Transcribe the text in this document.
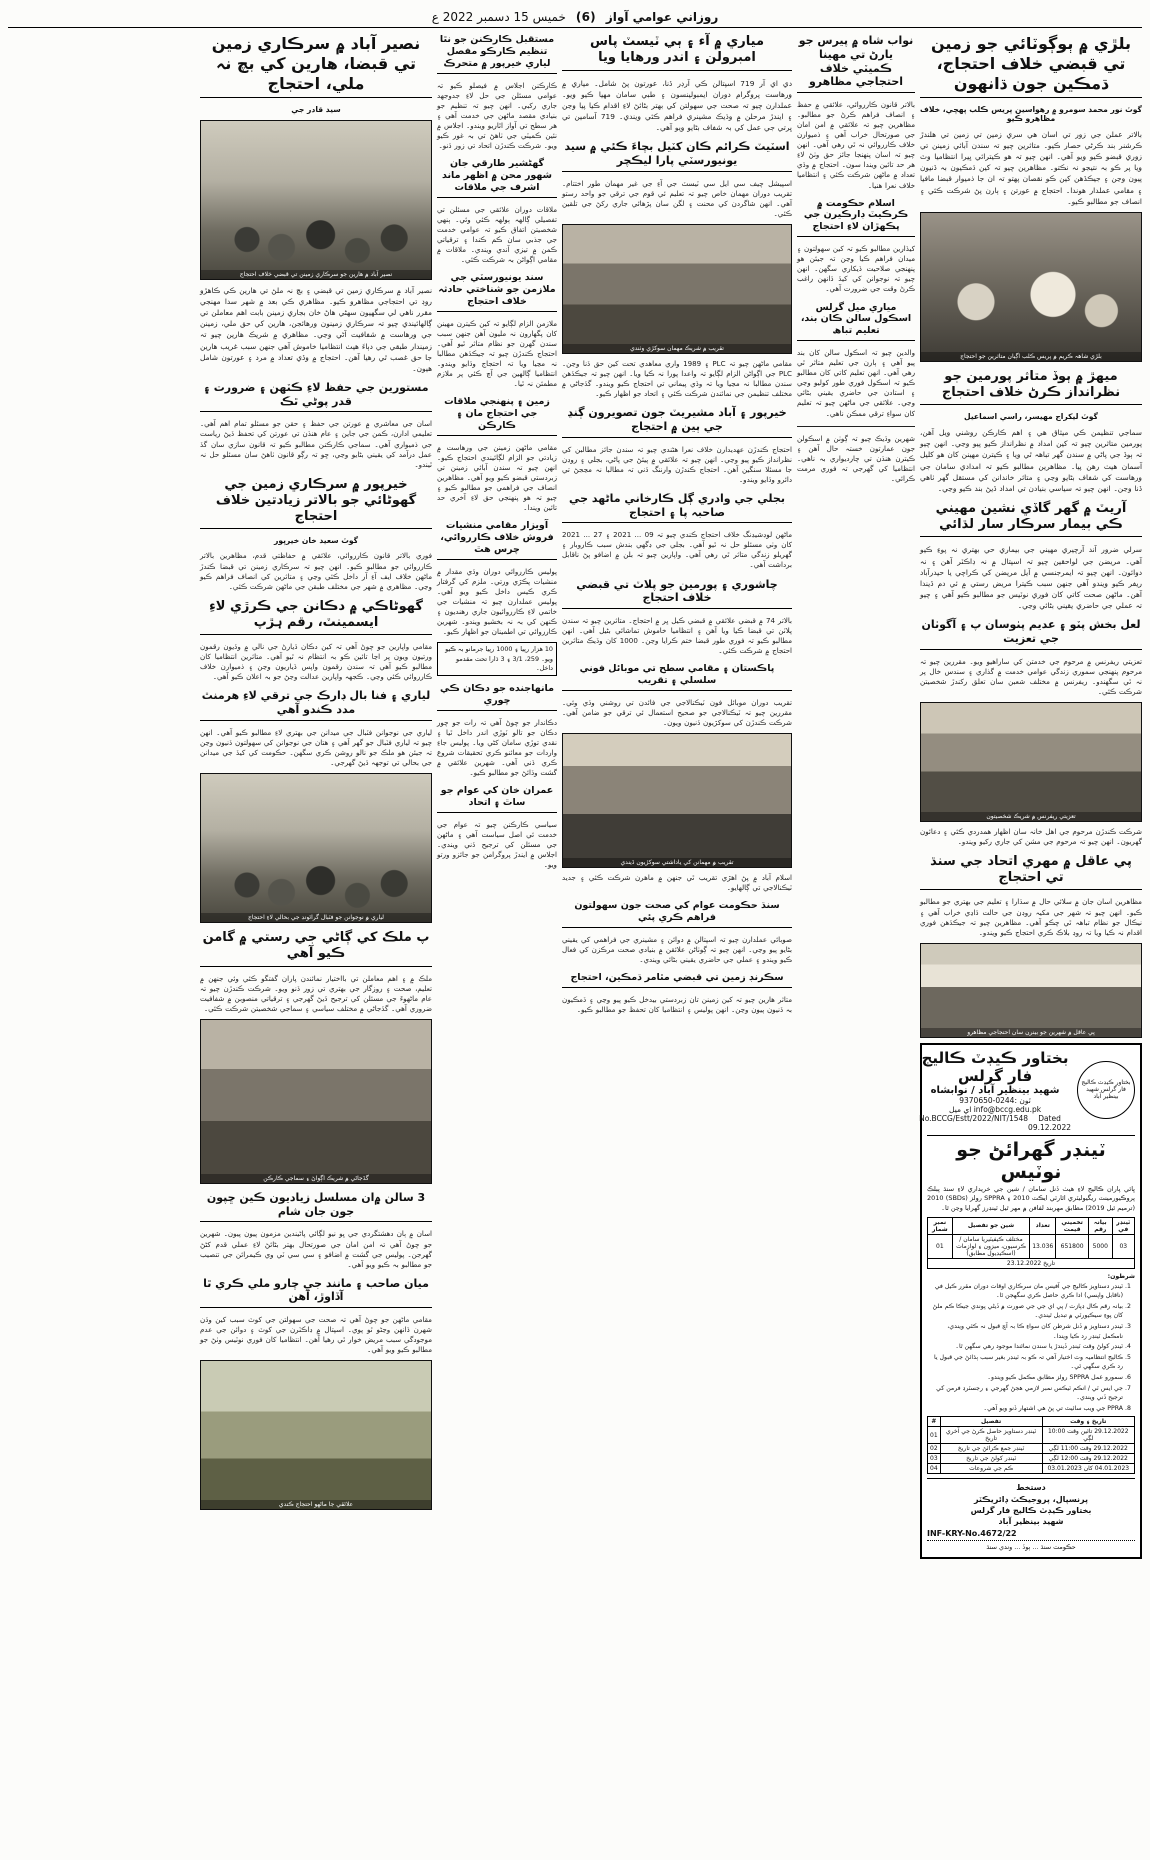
روزاني عوامي آواز
(6)
خميس 15 دسمبر 2022 ع
بلڙي ۾ ٻوڳوٽائي جو زمين تي قبضي خلاف احتجاج، ڌمڪين جون ڌانهون
گوٽ نور محمد سومرو ۾ رهواسين پريس ڪلب پهچي، خلاف مظاهرو ڪيو
بالاتر عملن جي زور تي اسان هي سري زمين تي زمين تي هلندڙ ڪرشنر بند ڪرڻي حصار ڪيو۔ متاثرين چيو تہ سندن آبائي زمينن تي زوري قبضو ڪيو ويو آهي۔ انهن چيو تہ هو ڪيترائي ڀيرا انتظاميا وٽ ويا پر ڪو بہ نتيجو نہ نڪتو۔ مظاهرين چيو تہ کين ڌمڪيون بہ ڏنيون پيون وڃن ۽ جيڪڏهن کين ڪو نقصان پهتو تہ ان جا ذميوار قبضا مافيا ۽ مقامي عملدار هوندا۔ احتجاج ۾ عورتن ۽ ٻارن پڻ شرڪت ڪئي ۽ انصاف جو مطالبو ڪيو۔
بلڙي شاهہ ڪريم ۾ پريس ڪلب اڳيان متاثرين جو احتجاج
ميهڙ ۾ ٻوڏ متاثر پورمين جو نظرانداز ڪرڻ خلاف احتجاج
گوٽ ليکراج مهيسر، راسي اسماعيل
سماجي تنظيمن ڪي ميثاق ھي ۽ اهم ڪارڪن روشني ويل آهن، پورمين متاثرين چيو تہ کين امداد ۾ نظرانداز ڪيو پيو وڃي۔ انهن چيو تہ ٻوڏ جي پاڻي ۾ سندن گهر تباهہ ٿي ويا ۽ ڪيترن مهينن کان هو کليل آسمان هيٺ رهن پيا۔ مظاهرين مطالبو ڪيو تہ امدادي سامان جي ورهاست کي شفاف بڻايو وڃي ۽ متاثر خاندانن کي مستقل گهر ٺاهي ڏنا وڃن۔ انهن چيو تہ سياسي بنيادن تي امداد ڏيڻ بند ڪيو وڃي۔
آريٽ ۾ گهر گاڏي نشين مهيني ڪي بيمار سرڪار سار لڌائي
سرلي ضرور آند آرچيري مهيني جي بيماري حي بهتري نہ پوءِ ڪيو آهي۔ مريضن جي لواحقين چيو تہ اسپتال ۾ نہ ڊاڪٽر آهن ۽ نہ دوائون۔ انهن چيو تہ ايمرجنسي ۾ آيل مريضن کي ڪراچي يا حيدرآباد ريفر ڪيو ويندو آهي جنهن سبب ڪيترا مريض رستي ۾ ئي دم ڏيندا آهن۔ ماڻهن صحت کاتي کان فوري نوٽيس جو مطالبو ڪيو آهي ۽ چيو تہ عملي جي حاضري يقيني بڻائي وڃي۔
لعل بخش پٽو ۽ عديم پٺوسان پ ۽ آگوٺان جي تعزيت
تعزيتي ريفرنس ۾ مرحوم جي خدمتن کي ساراهيو ويو۔ مقررين چيو تہ مرحوم پنهنجي سموري زندگي عوامي خدمت ۾ گذاري ۽ سندس خال پر نہ ٿي سگهندو۔ ريفرنس ۾ مختلف شعبن سان تعلق رکندڙ شخصيتن شرڪت ڪئي۔
تعزيتي ريفرنس ۾ شريڪ شخصيتون
شرڪت ڪندڙن مرحوم جي اهل خانہ سان اظهار همدردي ڪئي ۽ دعائون گهريون۔ انهن چيو تہ مرحوم جي مشن کي جاري رکيو ويندو۔
پي عاقل ۾ مهري اتحاد جي سنڌ تي احتجاج
مظاهرين اسان جان ۾ سلائي حال ۾ سڌارا ۽ تعليم جي بهتري جو مطالبو ڪيو۔ انهن چيو تہ شهر جي مکيہ روڊن جي حالت ڏاڍي خراب آهي ۽ نيڪال جو نظام تباهہ ٿي چڪو آهي۔ مظاهرين چيو تہ جيڪڏهن فوري اقدام نہ ڪيا ويا تہ روڊ بلاڪ ڪري احتجاج ڪيو ويندو۔
پي عاقل ۾ شهرين جو بينرن سان احتجاجي مظاهرو
بختاور ڪيڊٽ ڪاليج فار گرلس شهيد بينظير آباد
بختاور ڪيڊٽ ڪاليج فار گرلس
شهيد بينظير آباد / نوابشاه
ٽون :0244-9370650
info@bccg.edu.pk اي ميل
Dated 09.12.2022
No.BCCG/Estt/2022/NIT/1548
ٽينڊر گهرائڻ جو نوٽيس
ڀائي پاران ڪاليج لاءِ هيٺ ڏنل سامان / شين جي خريداري لاءِ سنڌ پبلڪ پروڪيورمينٽ ريگيوليٽري اٿارٽي ايڪٽ 2010 ۽ SPPRA رولز (SBDs) 2010 (ترميم ٿيل 2019) مطابق مهربند لفافن ۾ مهر ٿيل ٽينڊرز گهرايا وڃن ٿا۔
ٽينڊر في	بيانہ رقم	تخميني قيمت	تعداد	شين جو تفصيل	نمبر شمار
03	5000	651800	13.036	مختلف ڪيفيٽيريا سامان / ڪرسيون، ميزون ۽ لوازمات (اسڪيڊيول مطابق)	01
تاريخ 23.12.2022					
شرطون:
1. ٽينڊر دستاويز ڪاليج جي آفيس مان سرڪاري اوقات دوران مقرر ڪيل في (ناقابل واپسي) ادا ڪري حاصل ڪري سگهجن ٿا۔
2. بيانہ رقم ڪال ڊپازٽ / پي اي جي جي صورت ۾ ڏيڻي پوندي جيڪا ڪم ملڻ کان پوءِ سيڪيورٽي ۾ تبديل ٿيندي۔
3. ٽينڊر دستاويز ۾ ڏنل شرطن کان سواءِ ڪا بہ آڇ قبول نہ ڪئي ويندي، نامڪمل ٽينڊر رد ڪيا ويندا۔
4. ٽينڊر کولڻ وقت ٽينڊر ڏيندڙ يا سندن نمائندا موجود رهي سگهن ٿا۔
5. ڪاليج انتظاميہ وٽ اختيار آهي تہ ڪو بہ ٽينڊر بغير سبب ٻڌائڻ جي قبول يا رد ڪري سگهي ٿي۔
6. سمورو عمل SPPRA رولز مطابق مڪمل ڪيو ويندو۔
7. جي ايس ٽي / انڪم ٽيڪس نمبر لازمي هجڻ گهرجي ۽ رجسٽرڊ فرمن کي ترجيح ڏني ويندي۔
8. PPRA جي ويب سائيٽ تي پڻ هي اشتهار ڏنو ويو آهي۔
تاريخ ۽ وقت	تفصيل	#
29.12.2022 تائين وقت 10:00 لڳي	ٽينڊر دستاويز حاصل ڪرڻ جي آخري تاريخ	01
29.12.2022 وقت 11:00 لڳي	ٽينڊر جمع ڪرائڻ جي تاريخ	02
29.12.2022 وقت 12:00 لڳي	ٽينڊر کولڻ جي تاريخ	03
04.01.2023 کان 03.01.2023	ڪم جي شروعات	04
دستخط
پرنسپال، پروجيڪٽ ڊائريڪٽر
بختاور ڪيڊٽ ڪاليج فار گرلس
شهيد بينظير آباد
INF-KRY-No.4672/22
حڪومت سنڌ ... ٻوڏ ... وندي سنڌ
نواب شاه ۾ پيرس جو يارڻ تي مهينا ڪميٽي خلاف احتجاجي مظاهرو
بالاتر قانون ڪارروائي، علائقي ۾ حفظ ۽ انصاف فراهم ڪرڻ جو مطالبو۔ مظاهرين چيو تہ علائقي ۾ امن امان جي صورتحال خراب آهي ۽ ذميوارن خلاف ڪارروائي نہ ٿي رهي آهي۔ انهن چيو تہ اسان پنهنجا جائز حق وٺڻ لاءِ هر حد تائين ويندا سون۔ احتجاج ۾ وڏي تعداد ۾ ماڻهن شرڪت ڪئي ۽ انتظاميا خلاف نعرا هنيا۔
اسلام حڪومت ۾ ڪرڪيٽ ڊارڪيرن جي پڪهڙان لاءِ احتجاج
کيڏارين مطالبو ڪيو تہ کين سهولتون ۽ ميدان فراهم ڪيا وڃن تہ جيئن هو پنهنجي صلاحيت ڏيکاري سگهن۔ انهن چيو تہ نوجوانن کي کيڏ ڏانهن راغب ڪرڻ وقت جي ضرورت آهي۔
مياري ميل گرلس اسڪول سالن ڪان بند، تعليم تباھ
والدين چيو تہ اسڪول سالن کان بند پيو آهي ۽ ٻارن جي تعليم متاثر ٿي رهي آهي۔ انهن تعليم کاتي کان مطالبو ڪيو تہ اسڪول فوري طور کوليو وڃي ۽ استادن جي حاضري يقيني بڻائي وڃي۔ علائقي جي ماڻهن چيو تہ تعليم کان سواءِ ترقي ممڪن ناهي۔
شهرين وڌيڪ چيو تہ ڳوٺن ۾ اسڪولن جون عمارتون خستہ حال آهن ۽ ڪيترن هنڌن تي چارديواري بہ ناهي۔ انتظاميا کي گهرجي تہ فوري مرمت ڪرائي۔
مياري ۾ آء ۽ ٻي ٽيسٽ پاس امبرولن ۽ اندر ورهايا ويا
دي اي آر 719 اسپتالن ڪي آرڊر ڏنا، عورتون پڻ شامل۔ مياري ۾ ورهاست پروگرام دوران ايمبولينسون ۽ طبي سامان مهيا ڪيو ويو۔ عملدارن چيو تہ صحت جي سهولتن کي بهتر بڻائڻ لاءِ اقدام ڪيا پيا وڃن ۽ ايندڙ مرحلن ۾ وڌيڪ مشينري فراهم ڪئي ويندي۔ 719 آسامين تي ڀرتي جي عمل کي بہ شفاف بڻايو ويو آهي۔
اسٽيٽ ڪرائم ڪان کٽيل بچاءَ ڪئي ۾ سيد يونيورسٽي پارا ليڪچر
اسپيشل چيف سي ايل سي ٽيسٽ جي آءِ جي غير مهمان طور اختتام۔ تقريب دوران مهمان خاص چيو تہ تعليم ئي قوم جي ترقي جو واحد رستو آهي۔ انهن شاگردن کي محنت ۽ لگن سان پڙهائي جاري رکڻ جي تلقين ڪئي۔
تقريب ۾ شريڪ مهمان سوکڙي وٺندي
مقامي ماڻهن چيو تہ PLC ۽ 1989 واري معاهدي تحت کين حق ڏنا وڃن۔ PLC جي اڳواڻن الزام لڳايو تہ واعدا پورا نہ ڪيا ويا۔ انهن چيو تہ جيڪڏهن سندن مطالبا نہ مڃيا ويا تہ وڏي پيماني تي احتجاج ڪيو ويندو۔ گڏجاڻي ۾ مختلف تنظيمن جي نمائندن شرڪت ڪئي ۽ اتحاد جو اظهار ڪيو۔
خيرپور ۽ آباد مشيريٽ جون تصويرون ڳنڍ جي ٻين ۾ احتجاج
احتجاج ڪندڙن عهديدارن خلاف نعرا هڻندي چيو تہ سندن جائز مطالبن کي نظرانداز ڪيو پيو وڃي۔ انهن چيو تہ علائقي ۾ پيئڻ جي پاڻي، بجلي ۽ روڊن جا مسئلا سنگين آهن۔ احتجاج ڪندڙن وارننگ ڏني تہ مطالبا نہ مڃجڻ تي دائرو وڌايو ويندو۔
بجلي جي وادري ڳل ڪارخاني ماڻهد جي صاحبہ پا ۽ احتجاج
ماڻهن لوڊشيڊنگ خلاف احتجاج ڪندي چيو تہ 09 ... 2021 ۽ 27 ... 2021 کان وٺي مسئلو حل نہ ٿيو آهي۔ بجلي جي ڊگهي بندش سبب ڪاروبار ۽ گهريلو زندگي متاثر ٿي رهي آهي۔ واپارين چيو تہ بلن ۾ اضافو پڻ ناقابل برداشت آهي۔
چاشوري ۽ پورمين جو پلاٽ تي قبضي خلاف احتجاج
بالاتر 74 ۾ قبضي علائقي ۾ قبضي ڪيل ڀر ۾ احتجاج۔ متاثرين چيو تہ سندن پلاٽن تي قبضا ڪيا ويا آهن ۽ انتظاميا خاموش تماشائي بڻيل آهي۔ انهن مطالبو ڪيو تہ فوري طور قبضا ختم ڪرايا وڃن۔ 1000 کان وڌيڪ متاثرين احتجاج ۾ شرڪت ڪئي۔
پاڪستان ۽ مقامي سطح تي موبائل فوني سلسلي ۽ تقريب
تقريب دوران موبائل فون ٽيڪنالاجي جي فائدن تي روشني وڌي وئي۔ مقررين چيو تہ ٽيڪنالاجي جو صحيح استعمال ئي ترقي جو ضامن آهي۔ شرڪت ڪندڙن کي سوکڙيون ڏنيون ويون۔
تقريب ۾ مهمانن کي ياداشتي سوکڙيون ڏيندي
اسلام آباد ۾ پڻ اهڙي تقريب ٿي جنهن ۾ ماهرن شرڪت ڪئي ۽ جديد ٽيڪنالاجي تي ڳالهايو۔
سنڌ حڪومت عوام کي صحت جون سهولتون فراهم ڪري پئي
صوبائي عملدارن چيو تہ اسپتالن ۾ دوائن ۽ مشينري جي فراهمي کي يقيني بڻايو پيو وڃي۔ انهن چيو تہ ڳوٺاڻن علائقن ۾ بنيادي صحت مرڪزن کي فعال ڪيو ويندو ۽ عملي جي حاضري يقيني بڻائي ويندي۔
سڪرنڊ زمين تي قبضي مٿامر ڌمڪين، احتجاج
متاثر هارين چيو تہ کين زمينن تان زبردستي بيدخل ڪيو پيو وڃي ۽ ڌمڪيون بہ ڏنيون پيون وڃن۔ انهن پوليس ۽ انتظاميا کان تحفظ جو مطالبو ڪيو۔
مستقبل ڪارڪنن جو نٿا تنظيم ڪارڪو مفصل لياري خيرپور ۾ متحرڪ
ڪارڪنن اجلاس ۾ فيصلو ڪيو تہ عوامي مسئلن جي حل لاءِ جدوجهد جاري رکبي۔ انهن چيو تہ تنظيم جو بنيادي مقصد ماڻهن جي خدمت آهي ۽ هر سطح تي آواز اٿاريو ويندو۔ اجلاس ۾ نئين ڪميٽي جي ٺاهڻ تي بہ غور ڪيو ويو۔ شرڪت ڪندڙن اتحاد تي زور ڏنو۔
گهٹشير طارقي جان شهور محن ۾ اظهر ماند اشرف جي ملاقات
ملاقات دوران علائقي جي مسئلن تي تفصيلي ڳالهہ ٻولهہ ڪئي وئي۔ ٻنهي شخصيتن اتفاق ڪيو تہ عوامي خدمت جي جذبي سان ڪم ڪندا ۽ ترقياتي ڪمن ۾ تيزي آندي ويندي۔ ملاقات ۾ مقامي اڳواڻن بہ شرڪت ڪئي۔
سند يونيورسٽي جي ملازمن جو شناختي حادثہ خلاف احتجاج
ملازمن الزام لڳايو تہ کين ڪيترن مهينن کان پگهارون نہ مليون آهن جنهن سبب سندن گهرن جو نظام متاثر ٿيو آهي۔ احتجاج ڪندڙن چيو تہ جيڪڏهن مطالبا نہ مڃيا ويا تہ احتجاج وڌايو ويندو۔ انتظاميا ڳالهين جي آڇ ڪئي پر ملازم مطمئن نہ ٿيا۔
زمين ۽ پنهنجي ملاقات جي احتجاج مان ۽ ڪارڪن
مقامي ماڻهن زمينن جي ورهاست ۾ زيادتي جو الزام لڳائيندي احتجاج ڪيو۔ انهن چيو تہ سندن آبائي زمينن تي زبردستي قبضو ڪيو ويو آهي۔ مظاهرين انصاف جي فراهمي جو مطالبو ڪيو ۽ چيو تہ هو پنهنجي حق لاءِ آخري حد تائين ويندا۔
آويزار مقامي منشيات فروش خلاف ڪارروائي، چرس ھٿ
پوليس ڪارروائي دوران وڏي مقدار ۾ منشيات پڪڙي ورتي۔ ملزم کي گرفتار ڪري ڪيس داخل ڪيو ويو آهي۔ پوليس عملدارن چيو تہ منشيات جي خاتمي لاءِ ڪارروائيون جاري رهنديون ۽ ڪنهن کي بہ نہ بخشيو ويندو۔ شهرين ڪارروائي تي اطمينان جو اظهار ڪيو۔
10 هزار رپيا ۽ 1000 رپيا جرمانو بہ ڪيو ويو۔ 259، 3/1 ۽ 3 ڌارا تحت مقدمو داخل۔
مانهاجنده جو دڪان ڪي چوري
دڪاندار جو چوڻ آهي تہ رات جو چور دڪان جو تالو ٽوڙي اندر داخل ٿيا ۽ نقدي توڙي سامان کڻي ويا۔ پوليس جاءِ واردات جو معائنو ڪري تحقيقات شروع ڪري ڏني آهي۔ شهرين علائقي ۾ گشت وڌائڻ جو مطالبو ڪيو۔
عمران خان کي عوام جو ساٿ ۽ اتحاد
سياسي ڪارڪنن چيو تہ عوام جي خدمت ئي اصل سياست آهي ۽ ماڻهن جي مسئلن کي ترجيح ڏني ويندي۔ اجلاس ۾ ايندڙ پروگرامن جو جائزو ورتو ويو۔
نصير آباد ۾ سرڪاري زمين تي قبضا، هارين کي بچ نہ ملي، احتجاج
سيد قادر جي
نصير آباد ۾ هارين جو سرڪاري زمينن تي قبضي خلاف احتجاج
نصير آباد ۾ سرڪاري زمين تي قبضي ۽ بچ نہ ملڻ تي هارين ڪي ڪاهڙو روڊ تي احتجاجي مظاهرو ڪيو۔ مظاهري ڪي بعد ۾ شهر سدا مهنجي مقرر ناهي لي سگهيون سهڻي هاڻ خان بجاري زمينن بابت اهم معاملن تي ڳالهائيندي چيو تہ سرڪاري زمينون ورهائجن، هارين کي حق ملي، زمينن جي ورهاست ۾ شفافيت آڻي وڃي۔ مظاهري ۾ شريڪ هارين چيو تہ زميندار طبقي جي دٻاءَ هيٺ انتظاميا خاموش آهي جنهن سبب غريب هارين جا حق غصب ٿي رهيا آهن۔ احتجاج ۾ وڏي تعداد ۾ مرد ۽ عورتون شامل هيون۔
مستورين جي حفظ لاءِ ڪٽهن ۽ ضرورت ۽ قدر پوڻي ٿڪ
اسان جي معاشري ۾ عورتن جي حفظ ۽ حقن جو مسئلو تمام اهم آهي۔ تعليمي ادارن، ڪمن جي جاين ۽ عام هنڌن تي عورتن کي تحفظ ڏيڻ رياست جي ذميواري آهي۔ سماجي ڪارڪنن مطالبو ڪيو تہ قانون سازي سان گڏ عمل درآمد کي يقيني بڻايو وڃي، ڇو تہ رڳو قانون ٺاهڻ سان مسئلو حل نہ ٿيندو۔
خيرپور ۾ سرڪاري زمين جي گهوٹائي جو بالاتر زيادتين خلاف احتجاج
گوٽ سعيد خان خيرپور
فوري بالاتر قانون ڪارروائي، علائقي ۾ حفاظتي قدم، مظاهرين بالاتر ڪارروائي جو مطالبو ڪيو۔ انهن چيو تہ سرڪاري زمينن تي قبضا ڪندڙ ماڻهن خلاف ايف آءِ آر داخل ڪئي وڃي ۽ متاثرين کي انصاف فراهم ڪيو وڃي۔ مظاهري ۾ شهر جي مختلف طبقن جي ماڻهن شرڪت ڪئي۔
گهوٹاڪي ۾ دڪانن جي ڪرڙي لاءِ ايسمينٽ، رقم ہڙپ
مقامي واپارين جو چوڻ آهي تہ کين دڪان ڏيارڻ جي نالي ۾ وڏيون رقمون ورتيون ويون پر اڃا تائين ڪو بہ انتظام نہ ٿيو آهي۔ متاثرين انتظاميا کان مطالبو ڪيو آهي تہ سندن رقمون واپس ڏياريون وڃن ۽ ذميوارن خلاف ڪارروائي ڪئي وڃي۔ ڪجهہ واپارين عدالت وڃڻ جو بہ اعلان ڪيو آهي۔
لياري ۽ فنا بال ڊارڪ جي ترقي لاءِ هرمنٿ مدد ڪندو آهي
لياري جي نوجوانن فٽبال جي ميدانن جي بهتري لاءِ مطالبو ڪيو آهي۔ انهن چيو تہ لياري فٽبال جو گهر آهي ۽ هتان جي نوجوانن کي سهولتون ڏنيون وڃن تہ جيئن هو ملڪ جو نالو روشن ڪري سگهن۔ حڪومت کي کيڏ جي ميدانن جي بحالي تي توجهہ ڏيڻ گهرجي۔
لياري ۾ نوجوانن جو فٽبال گرائونڊ جي بحالي لاءِ احتجاج
پ ملڪ کي ڳاڻي جي رستي ۾ گامن ڪيو آهي
ملڪ ۾ ۽ اهم معاملن تي بااختيار نمائندن پاران گفتگو ڪئي وئي جنهن ۾ تعليم، صحت ۽ روزگار جي بهتري تي زور ڏنو ويو۔ شرڪت ڪندڙن چيو تہ عام ماڻهوءَ جي مسئلن کي ترجيح ڏيڻ گهرجي ۽ ترقياتي منصوبن ۾ شفافيت ضروري آهي۔ گڏجاڻي ۾ مختلف سياسي ۽ سماجي شخصيتن شرڪت ڪئي۔
گڏجاڻي ۾ شريڪ اڳواڻ ۽ سماجي ڪارڪن
3 سالن ۾ان مسلسل زياديون ڪين ڇپون جون جان شام
اسان ۾ ٻان دهشتگردي جي ڀو نيو لڳائي پاڻيندين مزمون پيون پيون۔ شهرين جو چوڻ آهي تہ امن امان جي صورتحال بهتر بڻائڻ لاءِ عملي قدم کڻڻ گهرجن۔ پوليس جي گشت ۾ اضافو ۽ سي سي ٽي وي ڪيمرائن جي تنصيب جو مطالبو بہ ڪيو ويو آهي۔
ميان صاحب ۽ مانند جي چارو ملي ڪري ٿا آڏاوڙ، آهن
مقامي ماڻهن جو چوڻ آهي تہ صحت جي سهولتن جي کوٽ سبب کين وڏن شهرن ڏانهن وڃڻو ٿو پوي۔ اسپتال ۾ ڊاڪٽرن جي کوٽ ۽ دوائن جي عدم موجودگي سبب مريض خوار ٿي رهيا آهن۔ انتظاميا کان فوري نوٽيس وٺڻ جو مطالبو ڪيو ويو آهي۔
علائقي جا ماڻهو احتجاج ڪندي
